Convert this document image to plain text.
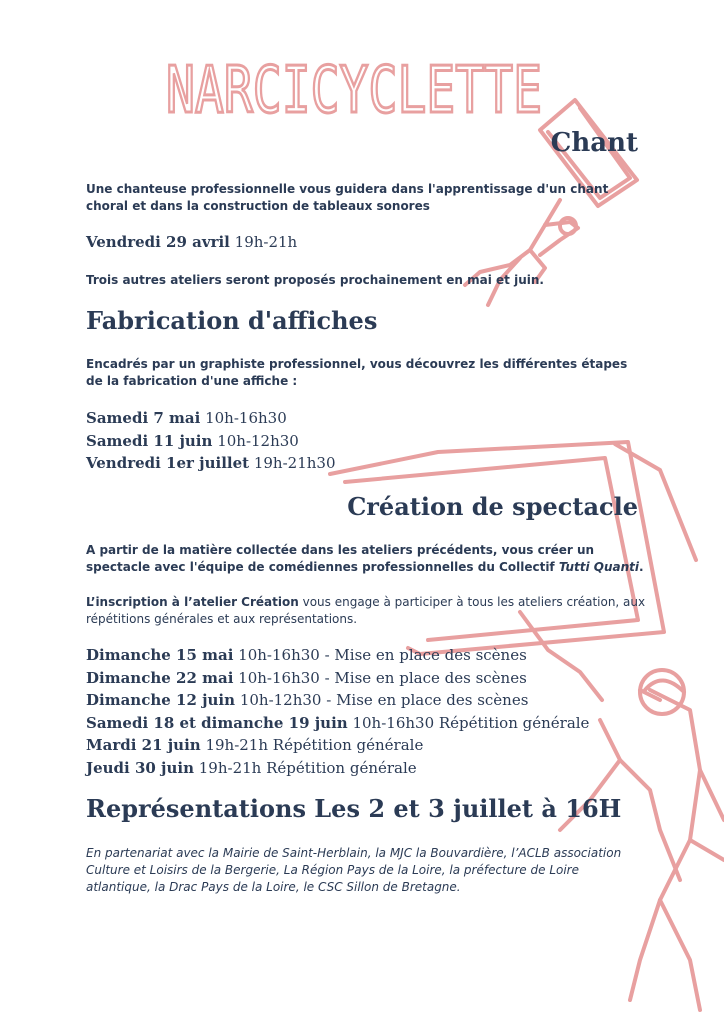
NARCICYCLETTE
Chant

Une chanteuse professionnelle vous guidera dans l'apprentissage d'un chant choral et dans la construction de tableaux sonores

Vendredi 29 avril 19h-21h

Trois autres ateliers seront proposés prochainement en mai et juin.

Fabrication d'affiches

Encadrés par un graphiste professionnel, vous découvrez les différentes étapes de la fabrication d'une affiche :

Samedi 7 mai 10h-16h30
Samedi 11 juin 10h-12h30
Vendredi 1er juillet 19h-21h30
Création de spectacle

A partir de la matière collectée dans les ateliers précédents, vous créer un spectacle avec l'équipe de comédiennes professionnelles du Collectif Tutti Quanti.

L’inscription à l’atelier Création vous engage à participer à tous les ateliers création, aux répétitions générales et aux représentations.

Dimanche 15 mai 10h-16h30 - Mise en place des scènes
Dimanche 22 mai 10h-16h30 - Mise en place des scènes
Dimanche 12 juin 10h-12h30 - Mise en place des scènes
Samedi 18 et dimanche 19 juin 10h-16h30 Répétition générale
Mardi 21 juin 19h-21h Répétition générale
Jeudi 30 juin 19h-21h Répétition générale
Représentations Les 2 et 3 juillet à 16H

En partenariat avec la Mairie de Saint-Herblain, la MJC la Bouvardière, l’ACLB association Culture et Loisirs de la Bergerie, La Région Pays de la Loire, la préfecture de Loire atlantique, la Drac Pays de la Loire, le CSC Sillon de Bretagne.
